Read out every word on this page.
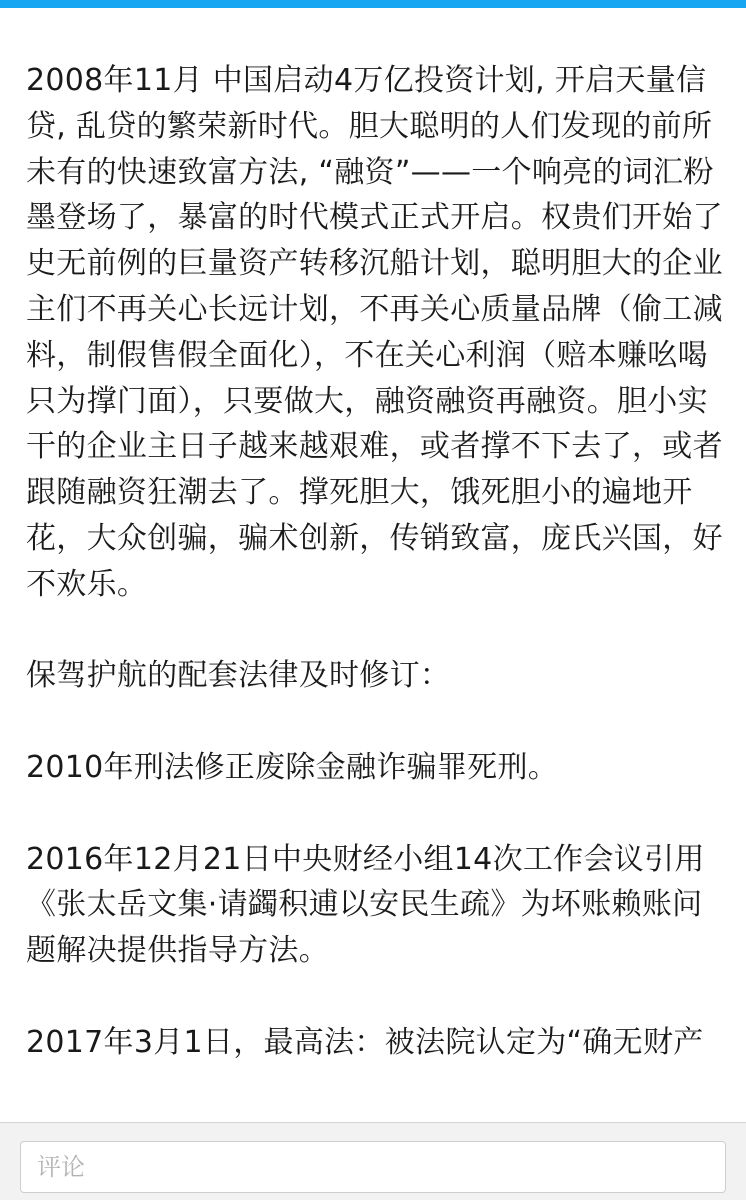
2008年11月 中国启动4万亿投资计划, 开启天量信贷, 乱贷的繁荣新时代。胆大聪明的人们发现的前所未有的快速致富方法, “融资”——一个响亮的词汇粉墨登场了，暴富的时代模式正式开启。权贵们开始了史无前例的巨量资产转移沉船计划，聪明胆大的企业主们不再关心长远计划，不再关心质量品牌（偷工减料，制假售假全面化），不在关心利润（赔本赚吆喝只为撑门面），只要做大，融资融资再融资。胆小实干的企业主日子越来越艰难，或者撑不下去了，或者跟随融资狂潮去了。撑死胆大，饿死胆小的遍地开花，大众创骗，骗术创新，传销致富，庞氏兴国，好不欢乐。

保驾护航的配套法律及时修订：

2010年刑法修正废除金融诈骗罪死刑。

2016年12月21日中央财经小组14次工作会议引用《张太岳文集·请蠲积逋以安民生疏》为坏账赖账问题解决提供指导方法。

2017年3月1日，最高法：被法院认定为“确无财产

评论
